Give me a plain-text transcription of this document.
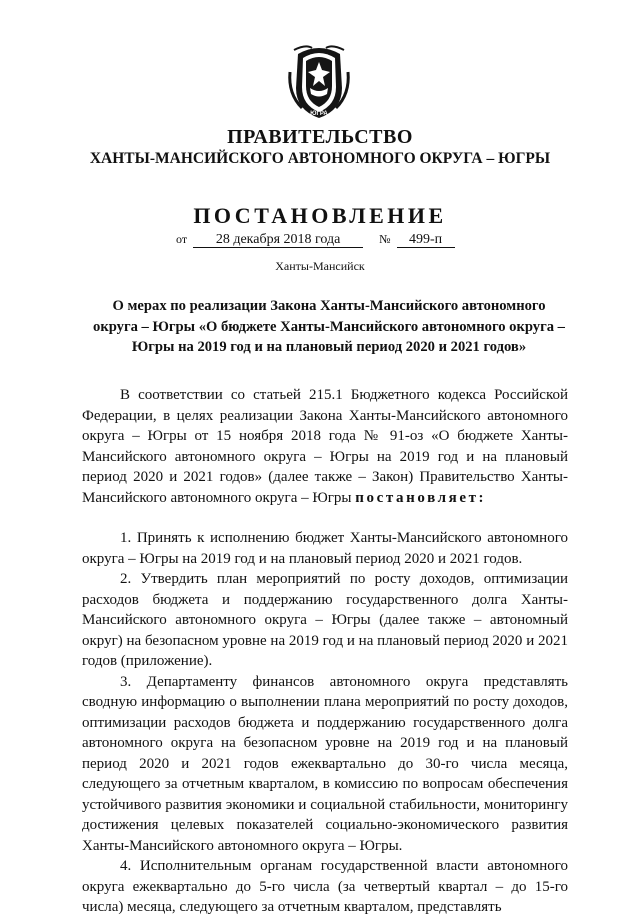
ЮГРА
ПРАВИТЕЛЬСТВО
ХАНТЫ-МАНСИЙСКОГО АВТОНОМНОГО ОКРУГА – ЮГРЫ
ПОСТАНОВЛЕНИЕ
от 28 декабря 2018 года	№ 499-п
Ханты-Мансийск
О мерах по реализации Закона Ханты-Мансийского автономного округа – Югры «О бюджете Ханты-Мансийского автономного округа – Югры на 2019 год и на плановый период 2020 и 2021 годов»

В соответствии со статьей 215.1 Бюджетного кодекса Российской Федерации, в целях реализации Закона Ханты-Мансийского автономного округа – Югры от 15 ноября 2018 года № 91-оз «О бюджете Ханты-Мансийского автономного округа – Югры на 2019 год и на плановый период 2020 и 2021 годов» (далее также – Закон) Правительство Ханты-Мансийского автономного округа – Югры постановляет:

1. Принять к исполнению бюджет Ханты-Мансийского автономного округа – Югры на 2019 год и на плановый период 2020 и 2021 годов.

2. Утвердить план мероприятий по росту доходов, оптимизации расходов бюджета и поддержанию государственного долга Ханты-Мансийского автономного округа – Югры (далее также – автономный округ) на безопасном уровне на 2019 год и на плановый период 2020 и 2021 годов (приложение).

3. Департаменту финансов автономного округа представлять сводную информацию о выполнении плана мероприятий по росту доходов, оптимизации расходов бюджета и поддержанию государственного долга автономного округа на безопасном уровне на 2019 год и на плановый период 2020 и 2021 годов ежеквартально до 30-го числа месяца, следующего за отчетным кварталом, в комиссию по вопросам обеспечения устойчивого развития экономики и социальной стабильности, мониторингу достижения целевых показателей социально-экономического развития Ханты-Мансийского автономного округа – Югры.

4. Исполнительным органам государственной власти автономного округа ежеквартально до 5-го числа (за четвертый квартал – до 15-го числа) месяца, следующего за отчетным кварталом, представлять
